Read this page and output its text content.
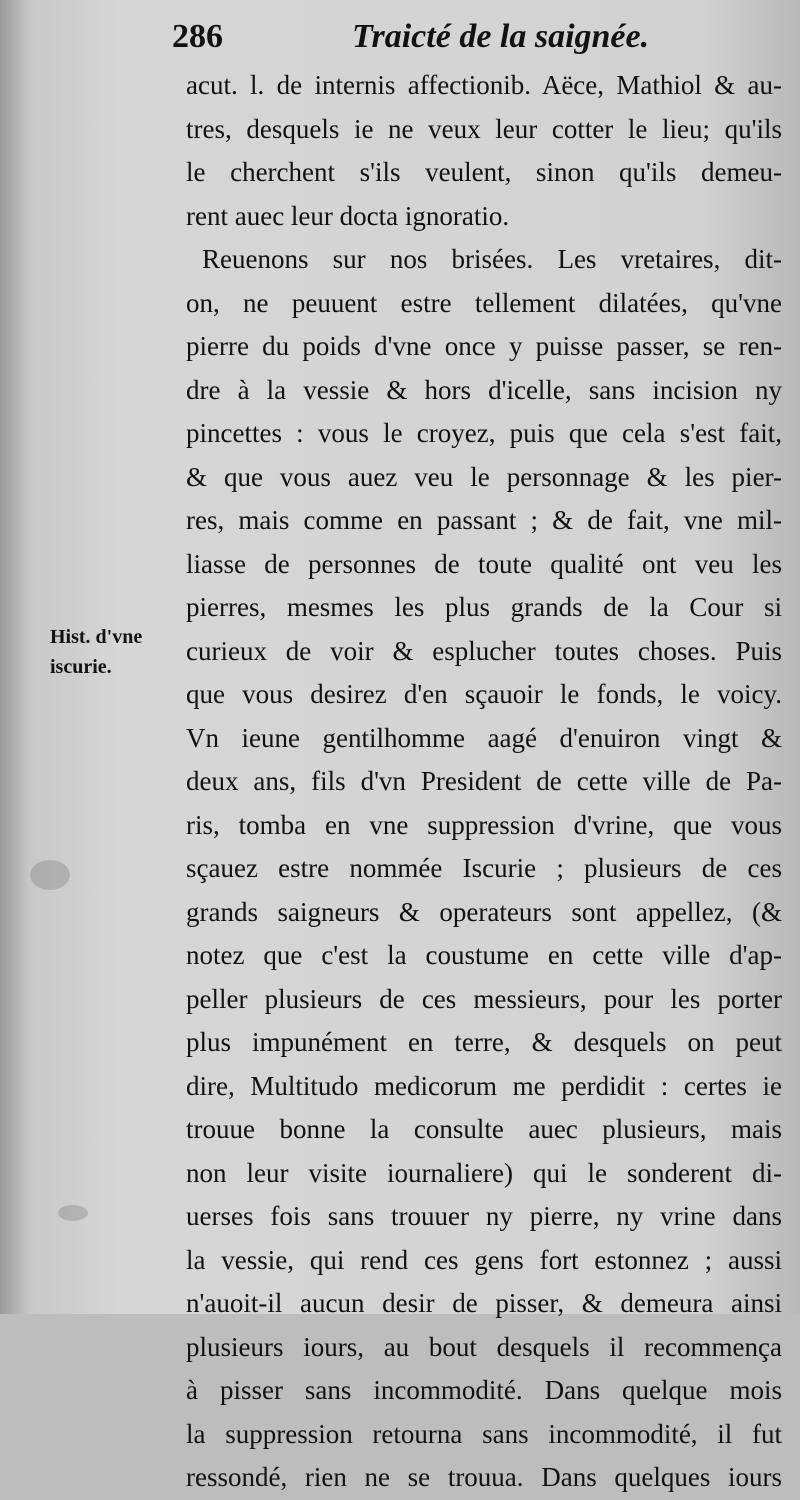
286	Traicté de la saignée.
Hist. d'vne
iscurie.
acut. l. de internis affectionib. Aëce, Mathiol & au-
tres, desquels ie ne veux leur cotter le lieu; qu'ils
le cherchent s'ils veulent, sinon qu'ils demeu-
rent auec leur docta ignoratio.
Reuenons sur nos brisées. Les vretaires, dit-
on, ne peuuent estre tellement dilatées, qu'vne
pierre du poids d'vne once y puisse passer, se ren-
dre à la vessie & hors d'icelle, sans incision ny
pincettes : vous le croyez, puis que cela s'est fait,
& que vous auez veu le personnage & les pier-
res, mais comme en passant ; & de fait, vne mil-
liasse de personnes de toute qualité ont veu les
pierres, mesmes les plus grands de la Cour si
curieux de voir & esplucher toutes choses. Puis
que vous desirez d'en sçauoir le fonds, le voicy.
Vn ieune gentilhomme aagé d'enuiron vingt &
deux ans, fils d'vn President de cette ville de Pa-
ris, tomba en vne suppression d'vrine, que vous
sçauez estre nommée Iscurie ; plusieurs de ces
grands saigneurs & operateurs sont appellez, (&
notez que c'est la coustume en cette ville d'ap-
peller plusieurs de ces messieurs, pour les porter
plus impunément en terre, & desquels on peut
dire, Multitudo medicorum me perdidit : certes ie
trouue bonne la consulte auec plusieurs, mais
non leur visite iournaliere) qui le sonderent di-
uerses fois sans trouuer ny pierre, ny vrine dans
la vessie, qui rend ces gens fort estonnez ; aussi
n'auoit-il aucun desir de pisser, & demeura ainsi
plusieurs iours, au bout desquels il recommença
à pisser sans incommodité. Dans quelque mois
la suppression retourna sans incommodité, il fut
ressondé, rien ne se trouua. Dans quelques iours
